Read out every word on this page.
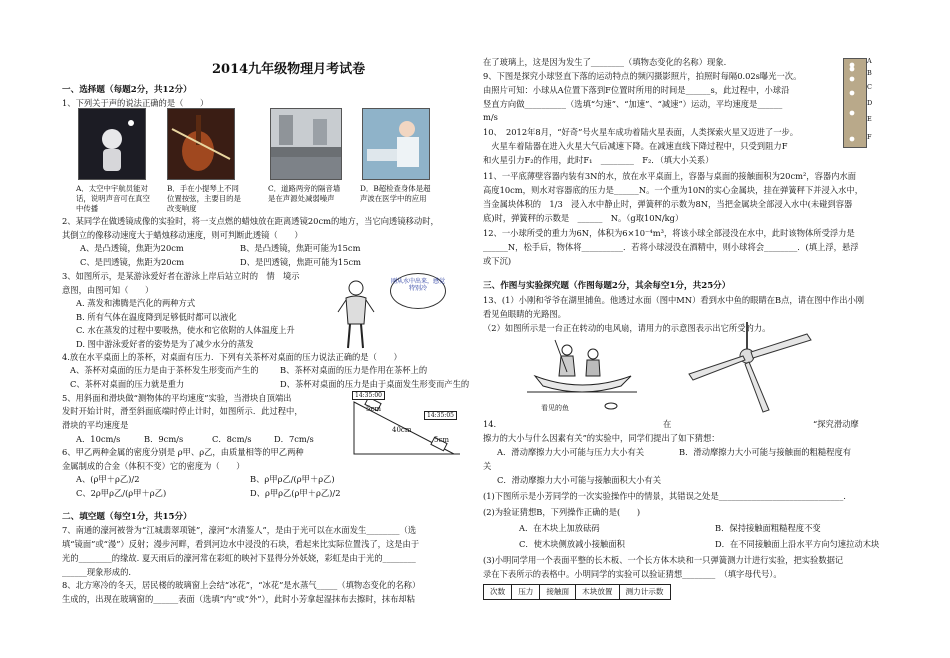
2014九年级物理月考试卷
一、选择题（每题2分，共12分）
1、下列关于声的说法正确的是（　　）
A．太空中宇航员能对话，说明声音可在真空中传播
B．手在小提琴上不同位置按弦，主要目的是改变响度
C．道路两旁的隔音墙是在声源处减弱噪声
D．B超检查身体是超声波在医学中的应用
2、某同学在做透镜成像的实验时，将一支点燃的蜡烛放在距离透镜20cm的地方，当它向透镜移动时，
其倒立的像移动速度大于蜡烛移动速度，则可判断此透镜（　　）
A、是凸透镜，焦距为20cm	B、是凸透镜，焦距可能为15cm
C、是凹透镜，焦距为20cm	D、是凹透镜，焦距可能为15cm
3、如图所示，是某游泳爱好者在游泳上岸后站立时的　情　境示
意图，由图可知（　　）
A. 蒸发和沸腾是汽化的两种方式
B. 所有气体在温度降到足够低时都可以液化
C. 水在蒸发的过程中要吸热，使水和它依附的人体温度上升
D. 图中游泳爱好者的姿势是为了减少水分的蒸发
刚从水中出来，感觉特别冷
4.放在水平桌面上的茶杯，对桌面有压力．下列有关茶杯对桌面的压力说法正确的是（　　）
A、茶杯对桌面的压力是由于茶杯发生形变而产生的	B、茶杯对桌面的压力是作用在茶杯上的
C、茶杯对桌面的压力就是重力	D、茶杯对桌面的压力是由于桌面发生形变而产生的
5、用斜面和滑块做“测物体的平均速度”实验，当滑块自顶端出
发时开始计时，滑至斜面底端时停止计时，如图所示．此过程中，
滑块的平均速度是
A．10cm/s	B．9cm/s	C．8cm/s	D．7cm/s
14:35:00
14:35:05
5cm
40cm
5cm
6、甲乙两种金属的密度分别是 ρ甲、ρ乙，由质量相等的甲乙两种
金属制成的合金（体积不变）它的密度为（　　）
A、(ρ甲＋ρ乙)/2	B、ρ甲ρ乙/(ρ甲＋ρ乙)
C、2ρ甲ρ乙/(ρ甲＋ρ乙)	D、ρ甲ρ乙(ρ甲＋ρ乙)/2
二、填空题（每空1分，共15分）
7、南通的濠河被誉为“江城翡翠项链”，濠河“水清鉴人”，是由于光可以在水面发生________（选
填“镜面”或“漫”）反射；漫步河畔，看到河边水中浸没的石块，看起来比实际位置浅了，这是由于
光的________的缘故. 夏天雨后的濠河常在彩虹的映衬下显得分外妖娆，彩虹是由于光的________
______现象形成的.
8、北方寒冷的冬天，居民楼的玻璃窗上会结“冰花”，“冰花”是水蒸气_____（填物态变化的名称）
生成的，出现在玻璃窗的______表面（选填“内”或“外”），此时小芳拿起湿抹布去擦时，抹布却粘
在了玻璃上，这是因为发生了________（填物态变化的名称）现象.
9、下图是探究小球竖直下落的运动特点的频闪摄影照片，拍照时每隔0.02s曝光一次。
由照片可知：小球从A位置下落到F位置时所用的时间是______s，此过程中，小球沿
竖直方向做__________（选填“匀速”、“加速”、“减速”）运动，平均速度是______
m/s
A
B
C
D
E
F
10、　2012年8月，“好奇”号火星车成功着陆火星表面，人类探索火星又迈进了一步。
　火星车着陆器在进入火星大气后减速下降。在减速直线下降过程中，只受到阻力F
和火星引力F₂的作用，此时F₁　________　F₂．（填大小关系）
11、一平底薄壁容器内装有3N的水，放在水平桌面上，容器与桌面的接触面积为20cm²，容器内水面
高度10cm，则水对容器底的压力是______N。一个重为10N的实心金属块，挂在弹簧秤下并浸入水中，
当金属块体积的　1/3　浸入水中静止时，弹簧秤的示数为8N，当把金属块全部浸入水中(未碰到容器
底)时，弹簧秤的示数是　______　N。（g取10N/kg）
12、一小球所受的重力为6N，体积为6×10⁻⁴m³，将该小球全部浸没在水中，此时该物体所受浮力是
______N，松手后，物体将__________．若将小球浸没在酒精中，则小球将会________．(填上浮，悬浮
或下沉)
三、作图与实验探究题（作图每题2分，其余每空1分，共25分）
13、(1）小刚和爷爷在湖里捕鱼。他透过水面（图中MN）看到水中鱼的眼睛在B点，请在图中作出小刚
看见鱼眼睛的光路图。
（2）如图所示是一台正在转动的电风扇，请用力的示意图表示出它所受的力。
看见的鱼
14.	在	“探究滑动摩
擦力的大小与什么因素有关”的实验中，同学们提出了如下猜想：
A．滑动摩擦力大小可能与压力大小有关	B．滑动摩擦力大小可能与接触面的粗糙程度有
关
C．滑动摩擦力大小可能与接触面积大小有关
(1)下图所示是小芳同学的一次实验操作中的情景，其错误之处是______________________________.
(2)为验证猜想B，下列操作正确的是(　　)
A．在木块上加放砝码	B．保持接触面粗糙程度不变
C．使木块侧放减小接触面积	D．在不同接触面上沿水平方向匀速拉动木块
(3)小明同学用一个表面平整的长木板、一个长方体木块和一只弹簧测力计进行实验，把实验数据记
录在下表所示的表格中。小明同学的实验可以验证猜想________　（填字母代号）。
次数	压力	接触面	木块放置	测力计示数
